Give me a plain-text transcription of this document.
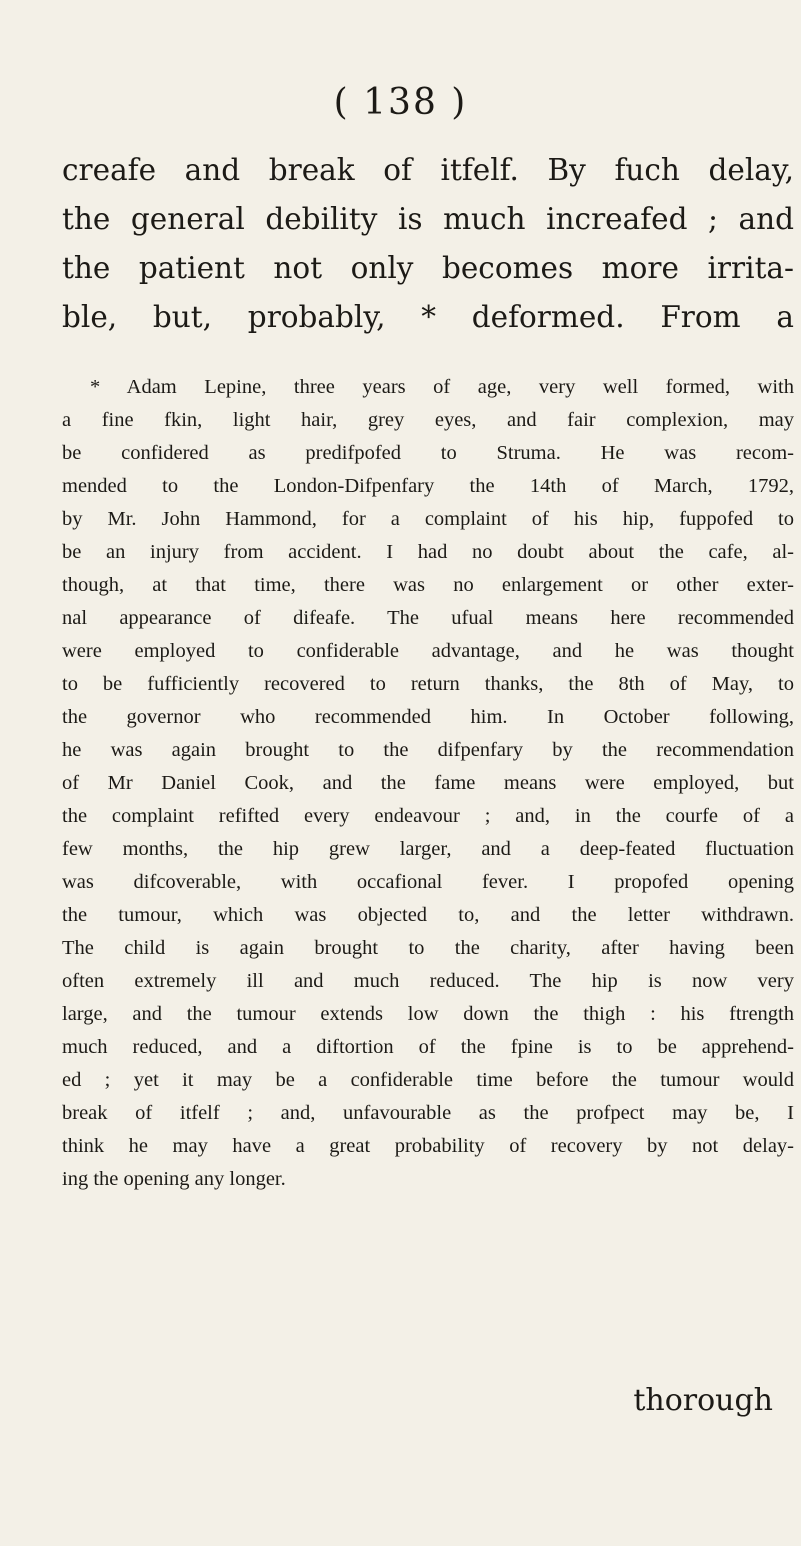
( 138 )
creafe and break of itfelf. By fuch delay,
the general debility is much increafed ; and
the patient not only becomes more irrita-
ble, but, probably, * deformed. From a
* Adam Lepine, three years of age, very well formed, with
a fine fkin, light hair, grey eyes, and fair complexion, may
be confidered as predifpofed to Struma. He was recom-
mended to the London-Difpenfary the 14th of March, 1792,
by Mr. John Hammond, for a complaint of his hip, fuppofed to
be an injury from accident. I had no doubt about the cafe, al-
though, at that time, there was no enlargement or other exter-
nal appearance of difeafe. The ufual means here recommended
were employed to confiderable advantage, and he was thought
to be fufficiently recovered to return thanks, the 8th of May, to
the governor who recommended him. In October following,
he was again brought to the difpenfary by the recommendation
of Mr Daniel Cook, and the fame means were employed, but
the complaint refifted every endeavour ; and, in the courfe of a
few months, the hip grew larger, and a deep-feated fluctuation
was difcoverable, with occafional fever. I propofed opening
the tumour, which was objected to, and the letter withdrawn.
The child is again brought to the charity, after having been
often extremely ill and much reduced. The hip is now very
large, and the tumour extends low down the thigh : his ftrength
much reduced, and a diftortion of the fpine is to be apprehend-
ed ; yet it may be a confiderable time before the tumour would
break of itfelf ; and, unfavourable as the profpect may be, I
think he may have a great probability of recovery by not delay-
ing the opening any longer.
thorough
